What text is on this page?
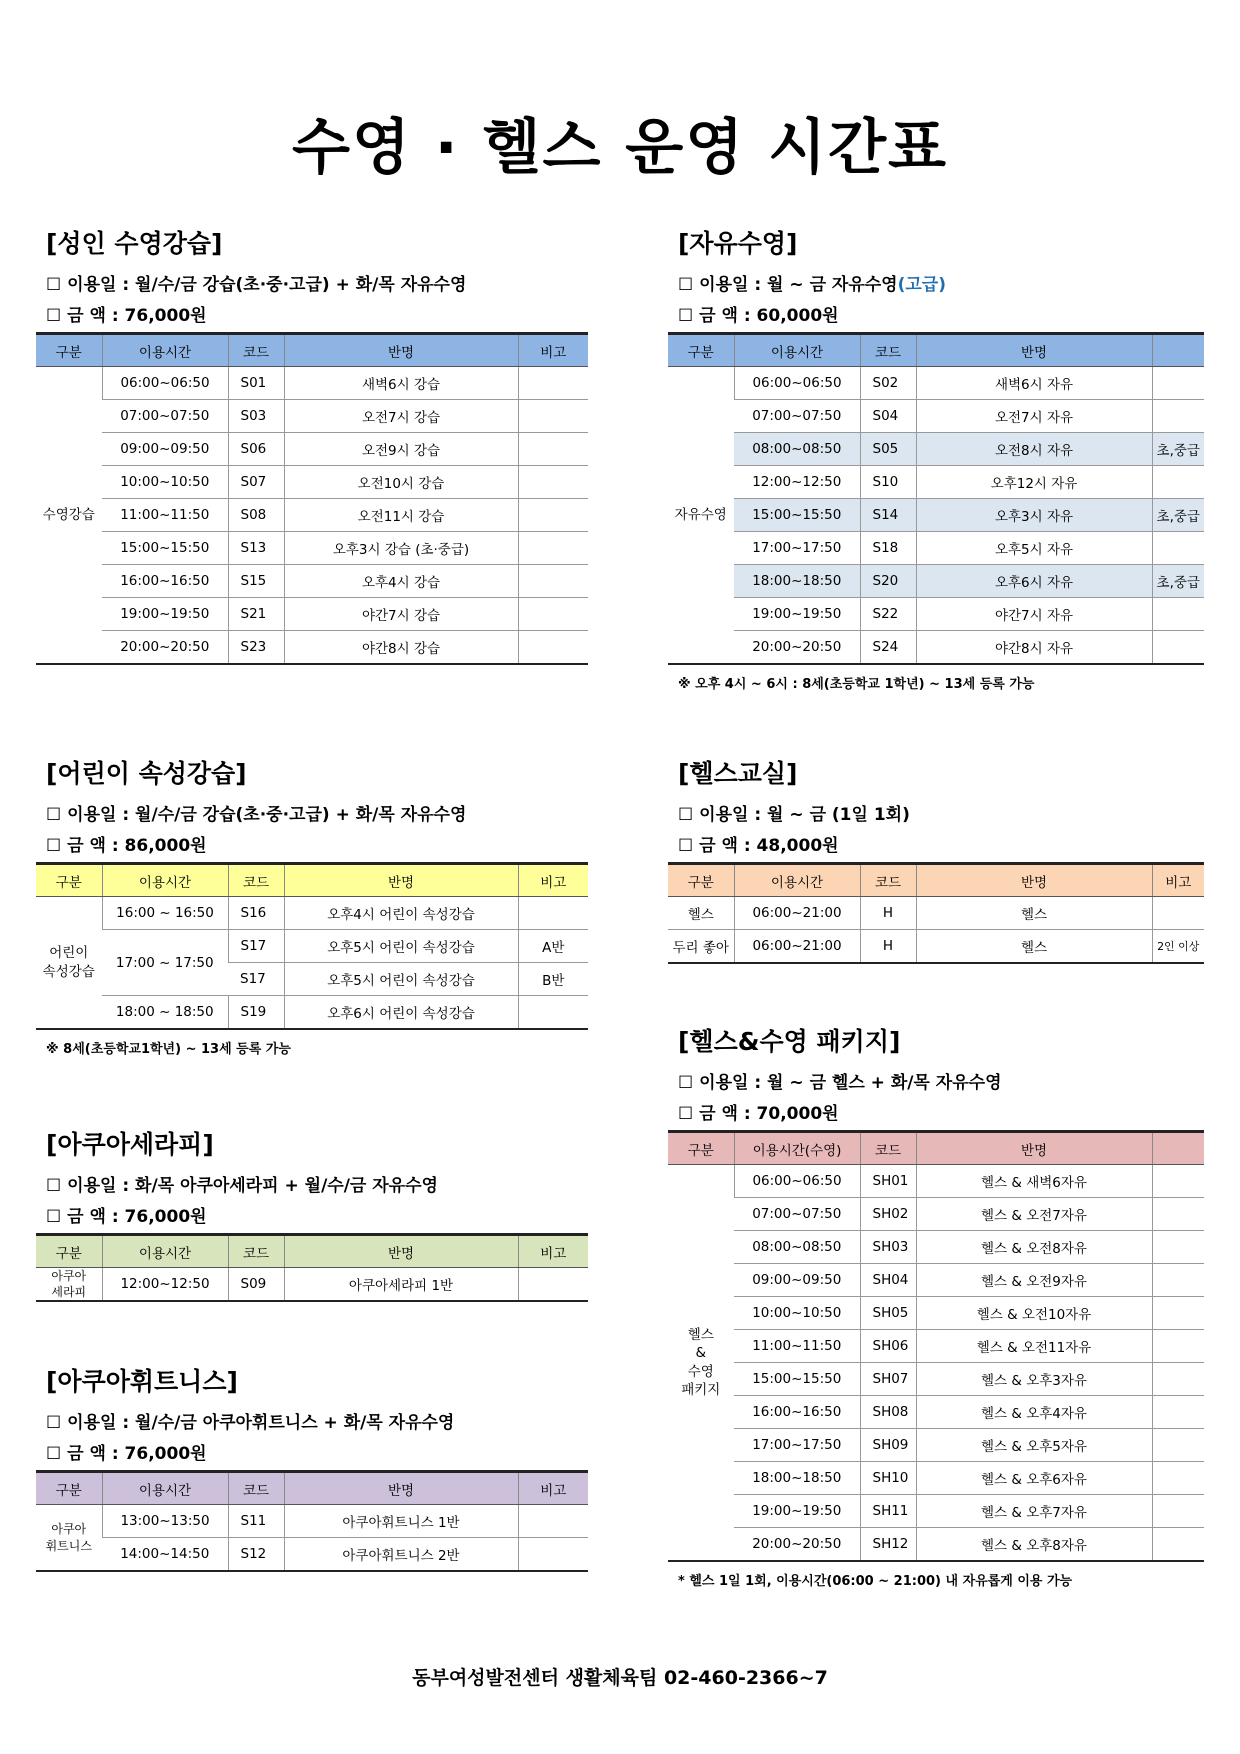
수영 · 헬스 운영 시간표
[성인 수영강습]
☐ 이용일 : 월/수/금 강습(초·중·고급) + 화/목 자유수영
☐ 금 액 : 76,000원
구분	이용시간	코드	반명	비고
수영강습	06:00~06:50	S01	새벽6시 강습	
	07:00~07:50	S03	오전7시 강습	
	09:00~09:50	S06	오전9시 강습	
	10:00~10:50	S07	오전10시 강습	
	11:00~11:50	S08	오전11시 강습	
	15:00~15:50	S13	오후3시 강습 (초·중급)	
	16:00~16:50	S15	오후4시 강습	
	19:00~19:50	S21	야간7시 강습	
	20:00~20:50	S23	야간8시 강습	
[자유수영]
☐ 이용일 : 월 ~ 금 자유수영(고급)
☐ 금 액 : 60,000원
구분	이용시간	코드	반명	
자유수영	06:00~06:50	S02	새벽6시 자유	
	07:00~07:50	S04	오전7시 자유	
	08:00~08:50	S05	오전8시 자유	초,중급
	12:00~12:50	S10	오후12시 자유	
	15:00~15:50	S14	오후3시 자유	초,중급
	17:00~17:50	S18	오후5시 자유	
	18:00~18:50	S20	오후6시 자유	초,중급
	19:00~19:50	S22	야간7시 자유	
	20:00~20:50	S24	야간8시 자유	
※ 오후 4시 ~ 6시 : 8세(초등학교 1학년) ~ 13세 등록 가능
[어린이 속성강습]
☐ 이용일 : 월/수/금 강습(초·중·고급) + 화/목 자유수영
☐ 금 액 : 86,000원
구분	이용시간	코드	반명	비고
어린이
속성강습	16:00 ~ 16:50	S16	오후4시 어린이 속성강습	
	17:00 ~ 17:50	S17	오후5시 어린이 속성강습	A반
		S17	오후5시 어린이 속성강습	B반
	18:00 ~ 18:50	S19	오후6시 어린이 속성강습	
※ 8세(초등학교1학년) ~ 13세 등록 가능
[헬스교실]
☐ 이용일 : 월 ~ 금 (1일 1회)
☐ 금 액 : 48,000원
구분	이용시간	코드	반명	비고
헬스	06:00~21:00	H	헬스	
두리 좋아	06:00~21:00	H	헬스	2인 이상
[헬스&수영 패키지]
☐ 이용일 : 월 ~ 금 헬스 + 화/목 자유수영
☐ 금 액 : 70,000원
구분	이용시간(수영)	코드	반명	
헬스
&
수영
패키지	06:00~06:50	SH01	헬스 & 새벽6자유	
	07:00~07:50	SH02	헬스 & 오전7자유	
	08:00~08:50	SH03	헬스 & 오전8자유	
	09:00~09:50	SH04	헬스 & 오전9자유	
	10:00~10:50	SH05	헬스 & 오전10자유	
	11:00~11:50	SH06	헬스 & 오전11자유	
	15:00~15:50	SH07	헬스 & 오후3자유	
	16:00~16:50	SH08	헬스 & 오후4자유	
	17:00~17:50	SH09	헬스 & 오후5자유	
	18:00~18:50	SH10	헬스 & 오후6자유	
	19:00~19:50	SH11	헬스 & 오후7자유	
	20:00~20:50	SH12	헬스 & 오후8자유	
* 헬스 1일 1회, 이용시간(06:00 ~ 21:00) 내 자유롭게 이용 가능
[아쿠아세라피]
☐ 이용일 : 화/목 아쿠아세라피 + 월/수/금 자유수영
☐ 금 액 : 76,000원
구분	이용시간	코드	반명	비고
아쿠아
세라피	12:00~12:50	S09	아쿠아세라피 1반	
[아쿠아휘트니스]
☐ 이용일 : 월/수/금 아쿠아휘트니스 + 화/목 자유수영
☐ 금 액 : 76,000원
구분	이용시간	코드	반명	비고
아쿠아
휘트니스	13:00~13:50	S11	아쿠아휘트니스 1반	
	14:00~14:50	S12	아쿠아휘트니스 2반	
동부여성발전센터 생활체육팀 02-460-2366~7
